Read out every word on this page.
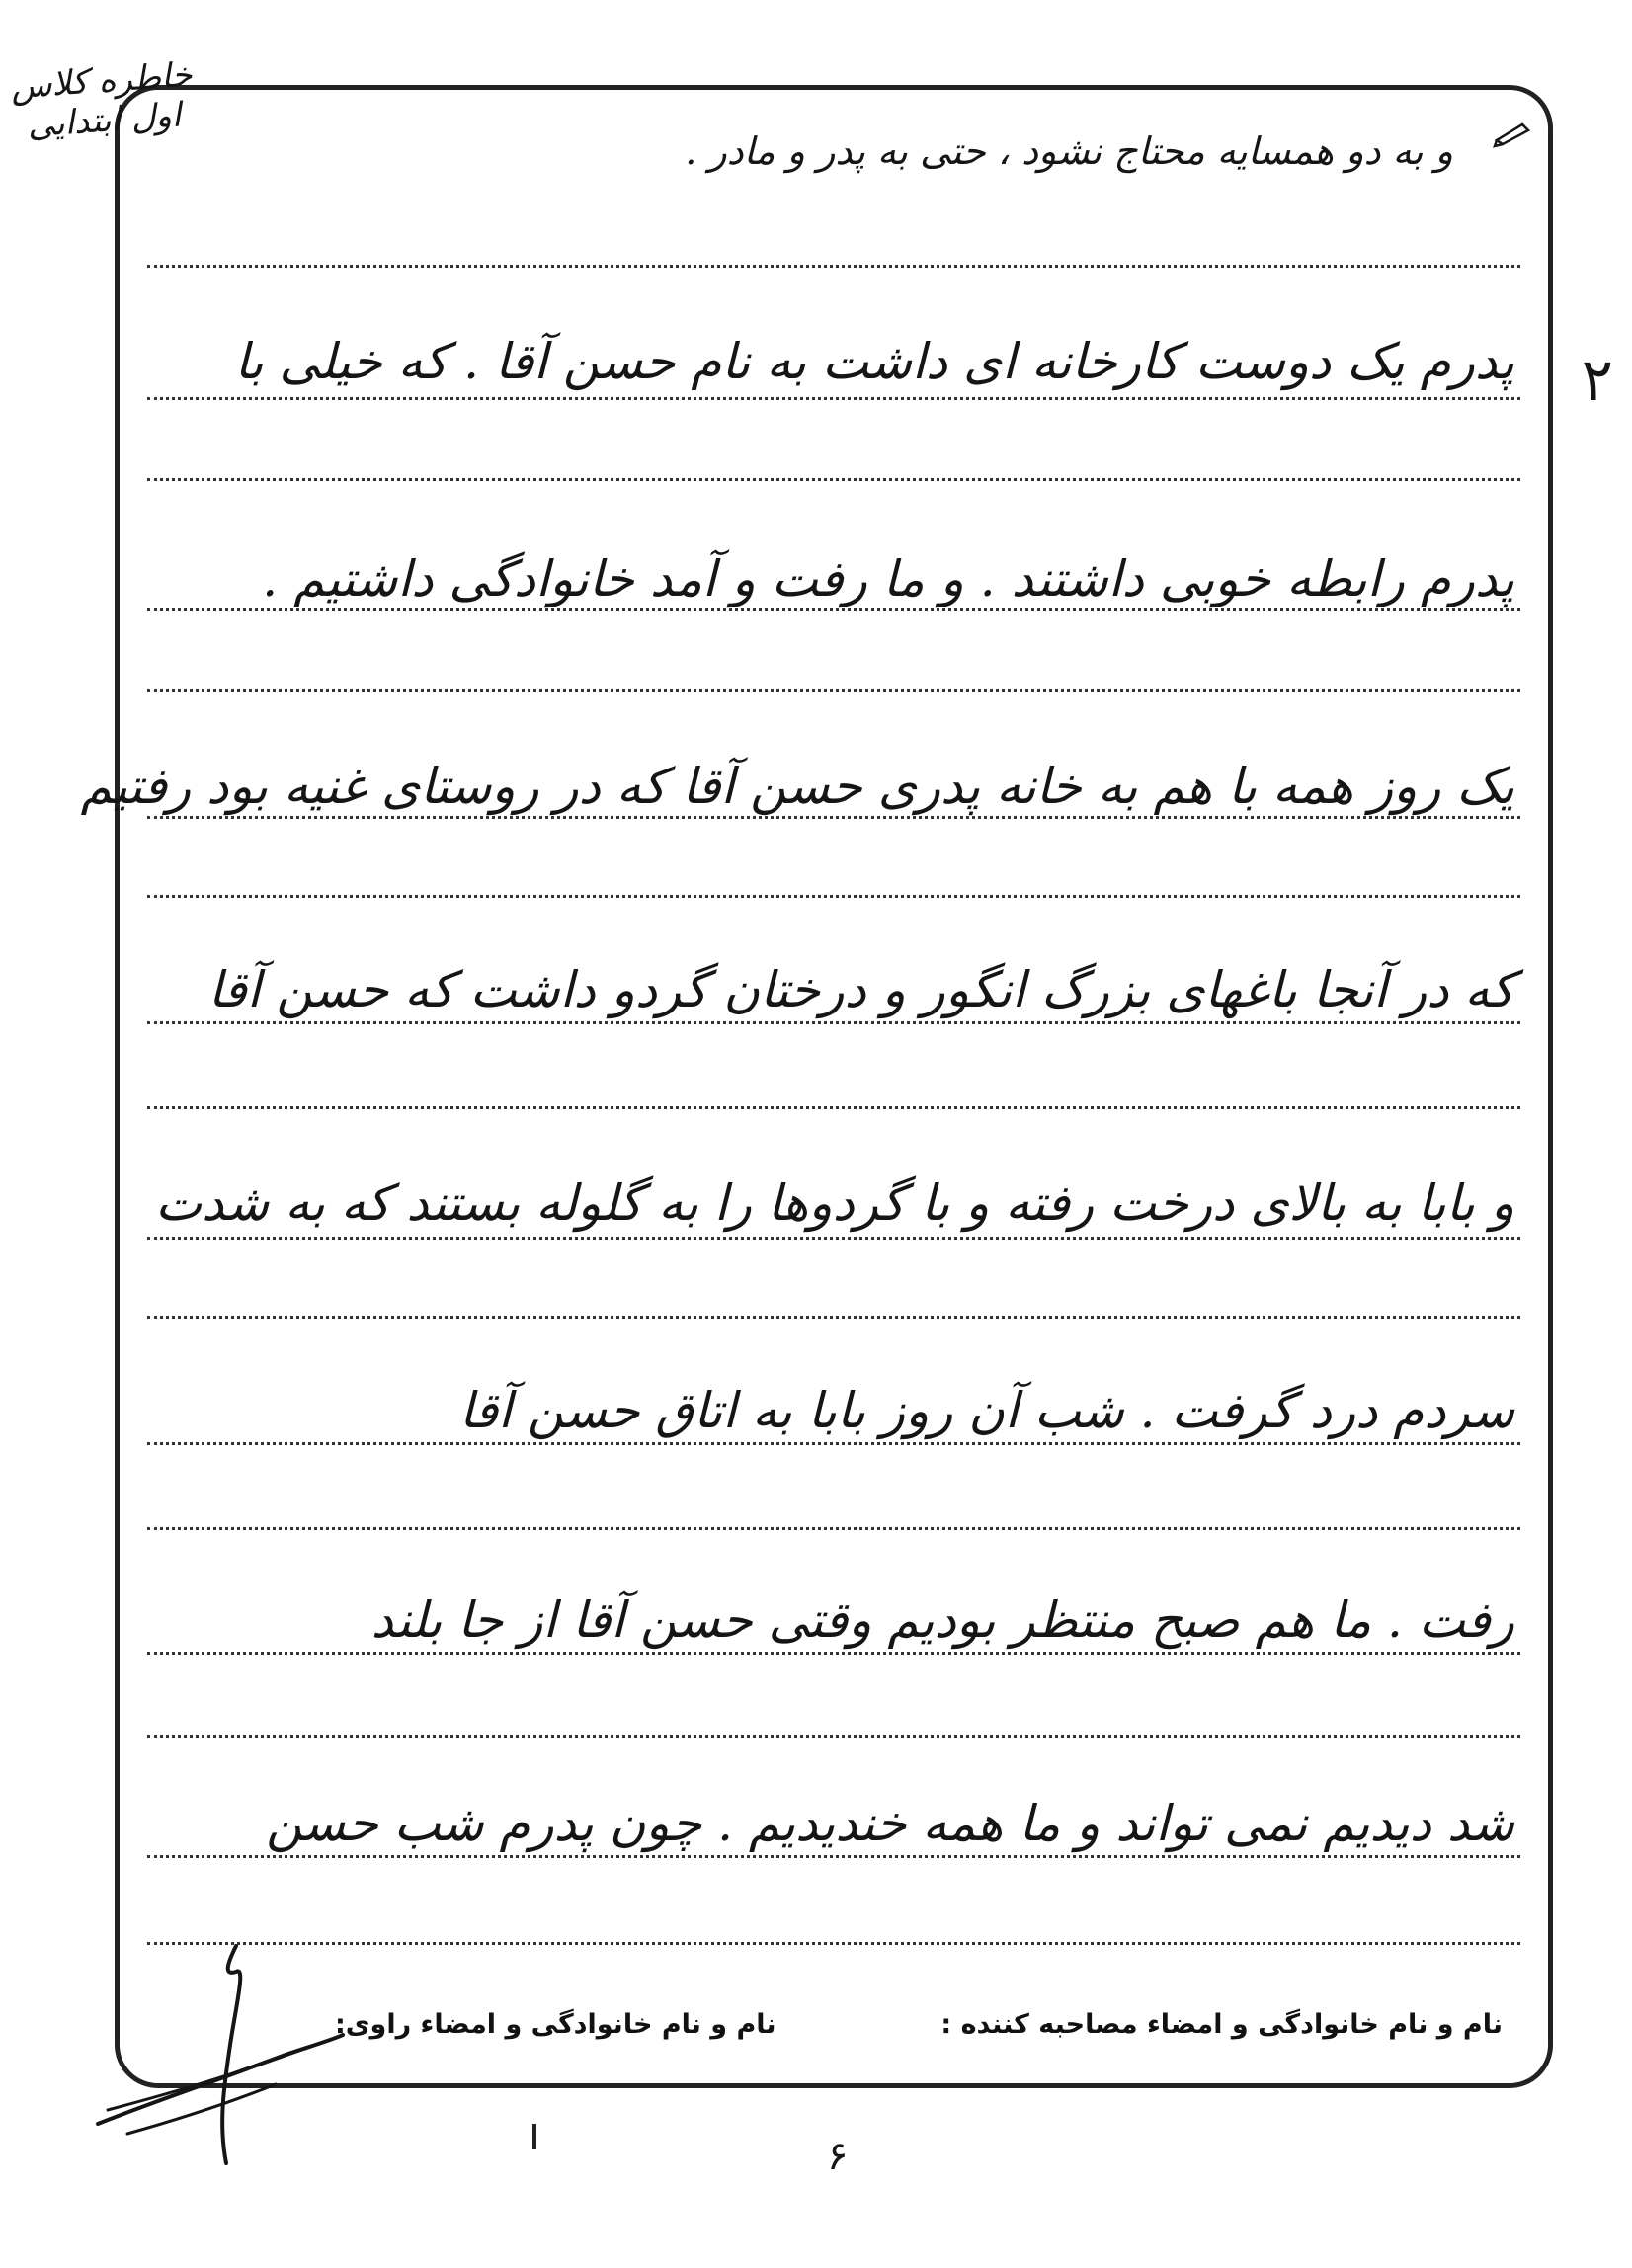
خاطره کلاس اول ابتدایی
۲
و به دو همسایه محتاج نشود ، حتی به پدر و مادر .
پدرم یک دوست کارخانه ای داشت به نام حسن آقا . که خیلی با
پدرم رابطه خوبی داشتند . و ما رفت و آمد خانوادگی داشتیم .
یک روز همه با هم به خانه پدری حسن آقا که در روستای غنیه بود رفتیم
که در آنجا باغهای بزرگ انگور و درختان گردو داشت که حسن آقا
و بابا به بالای درخت رفته و با گردوها را به گلوله بستند که به شدت
سردم درد گرفت . شب آن روز بابا به اتاق حسن آقا
رفت . ما هم صبح منتظر بودیم وقتی حسن آقا از جا بلند
شد دیدیم نمی تواند و ما همه خندیدیم . چون پدرم شب حسن
نام و نام خانوادگی و امضاء مصاحبه کننده :
نام و نام خانوادگی و امضاء راوی:
۶
